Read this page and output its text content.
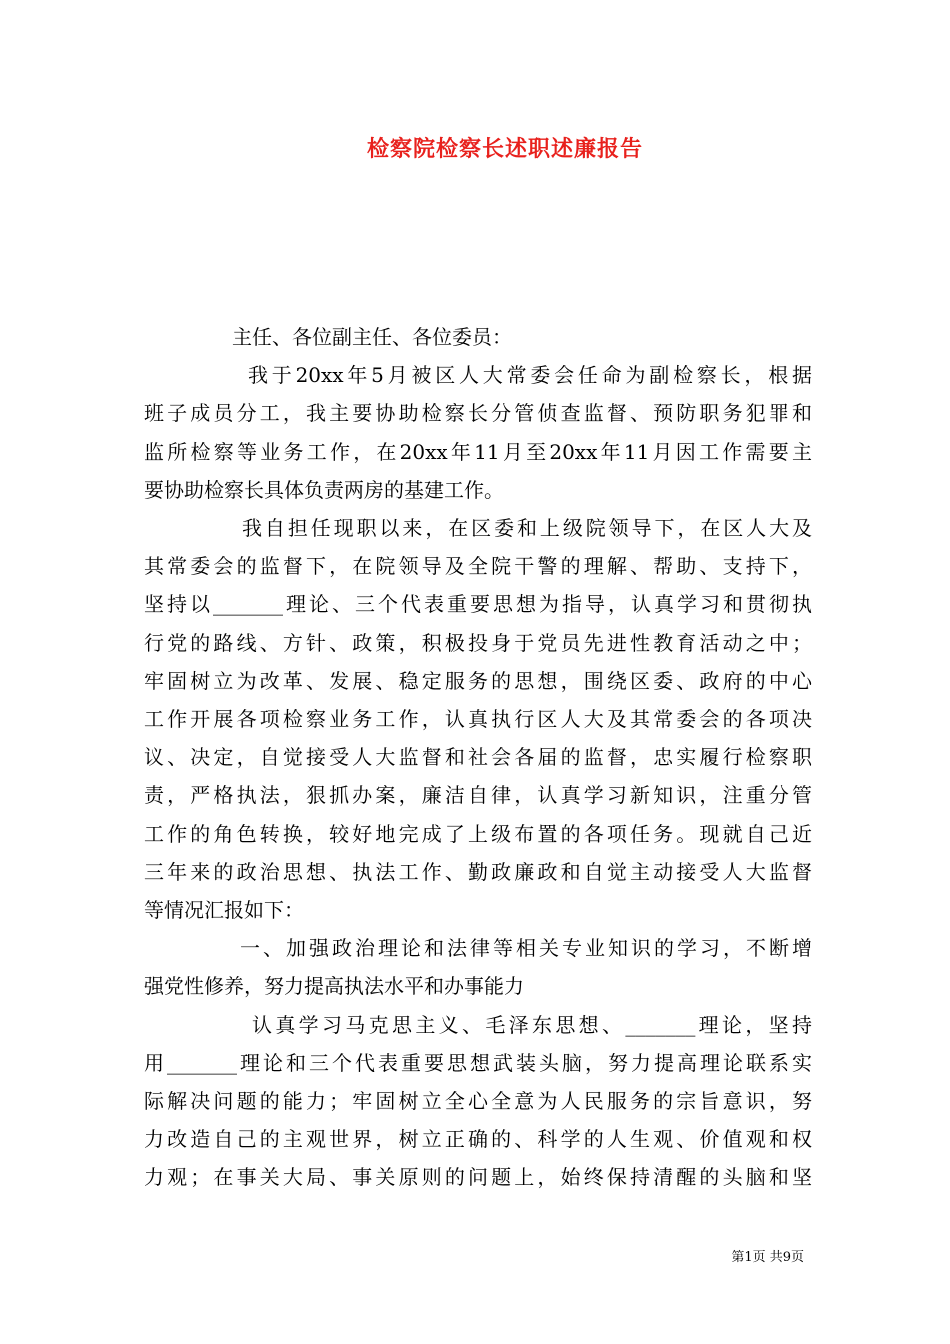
检察院检察长述职述廉报告
主任、各位副主任、各位委员：
我于20xx年5月被区人大常委会任命为副检察长，根据
班子成员分工，我主要协助检察长分管侦查监督、预防职务犯罪和
监所检察等业务工作，在20xx年11月至20xx年11月因工作需要主
要协助检察长具体负责两房的基建工作。
我自担任现职以来，在区委和上级院领导下，在区人大及
其常委会的监督下，在院领导及全院干警的理解、帮助、支持下，
坚持以_______理论、三个代表重要思想为指导，认真学习和贯彻执
行党的路线、方针、政策，积极投身于党员先进性教育活动之中；
牢固树立为改革、发展、稳定服务的思想，围绕区委、政府的中心
工作开展各项检察业务工作，认真执行区人大及其常委会的各项决
议、决定，自觉接受人大监督和社会各届的监督，忠实履行检察职
责，严格执法，狠抓办案，廉洁自律，认真学习新知识，注重分管
工作的角色转换，较好地完成了上级布置的各项任务。现就自己近
三年来的政治思想、执法工作、勤政廉政和自觉主动接受人大监督
等情况汇报如下：
一、加强政治理论和法律等相关专业知识的学习，不断增
强党性修养，努力提高执法水平和办事能力
认真学习马克思主义、毛泽东思想、_______理论，坚持
用_______理论和三个代表重要思想武装头脑，努力提高理论联系实
际解决问题的能力；牢固树立全心全意为人民服务的宗旨意识，努
力改造自己的主观世界，树立正确的、科学的人生观、价值观和权
力观；在事关大局、事关原则的问题上，始终保持清醒的头脑和坚
第1页 共9页
